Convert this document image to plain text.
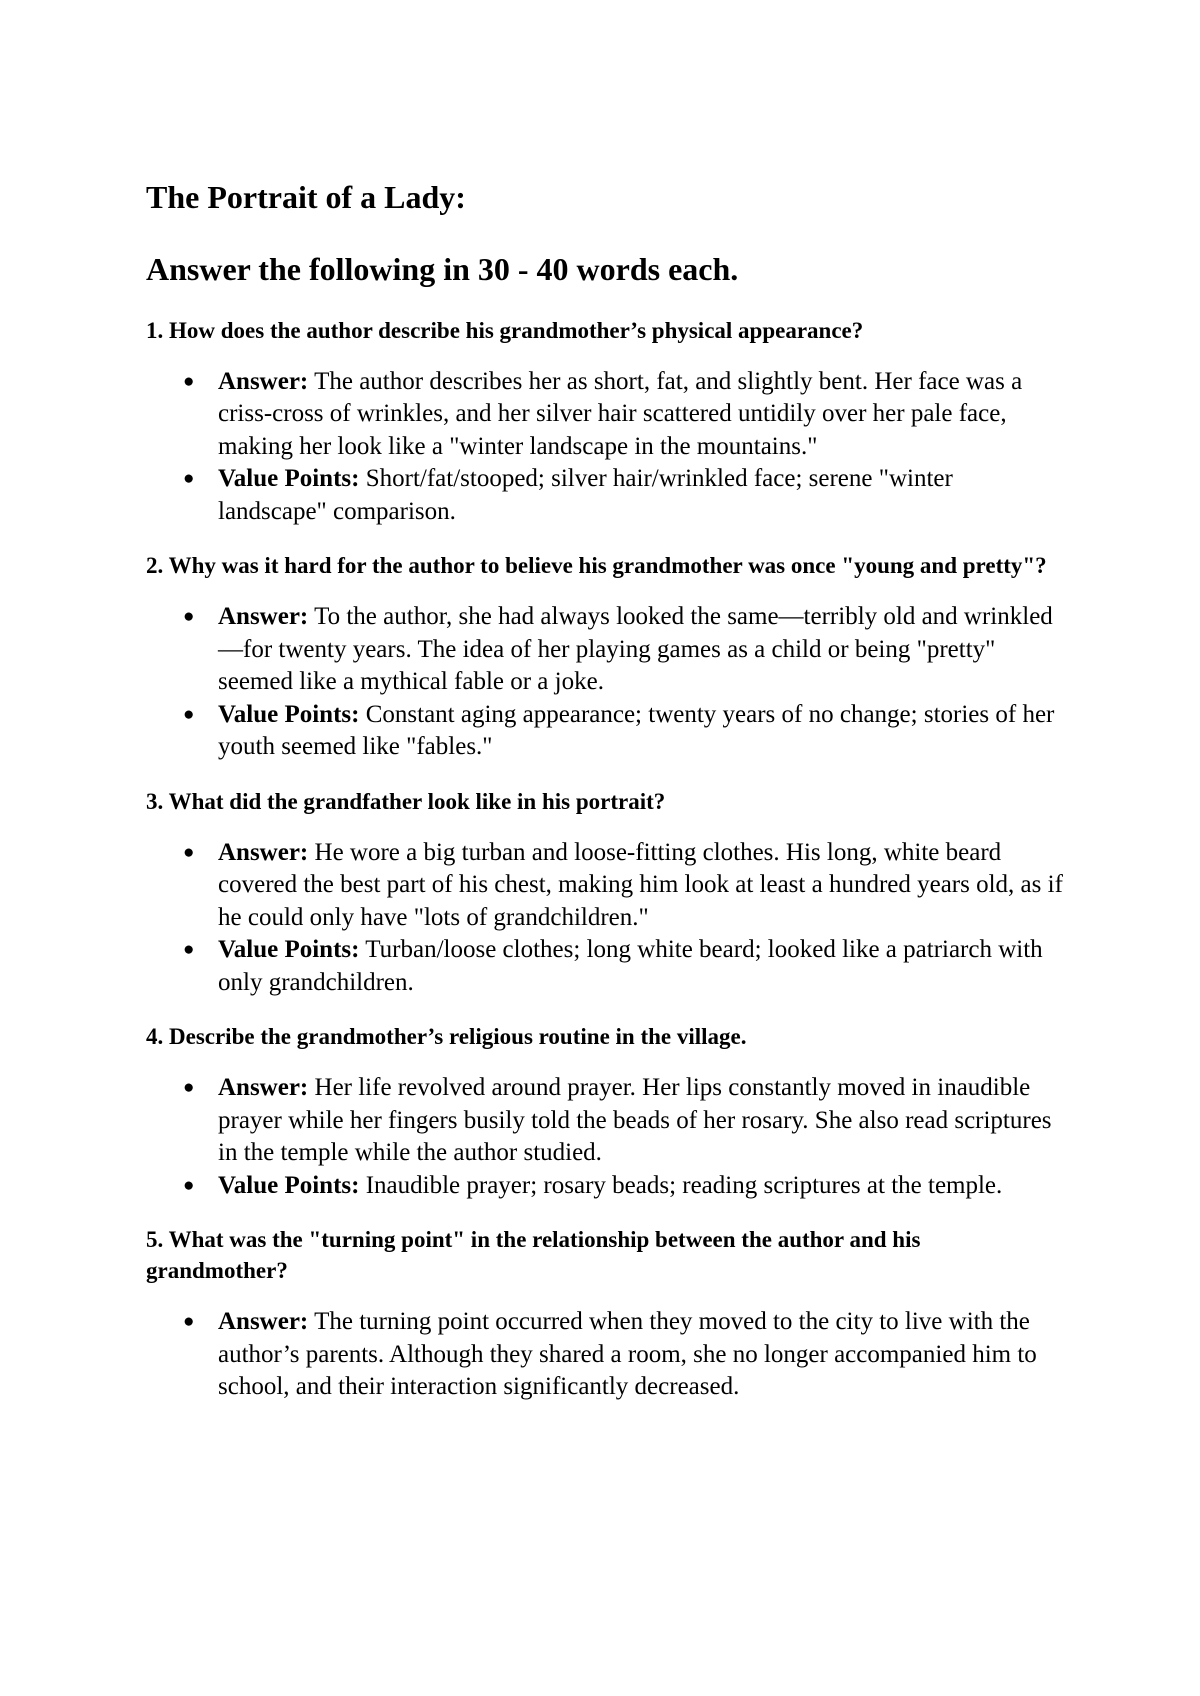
The Portrait of a Lady:
Answer the following in 30 - 40 words each.
1. How does the author describe his grandmother’s physical appearance?
● Answer: The author describes her as short, fat, and slightly bent. Her face was a criss-cross of wrinkles, and her silver hair scattered untidily over her pale face, making her look like a "winter landscape in the mountains."
● Value Points: Short/fat/stooped; silver hair/wrinkled face; serene "winter landscape" comparison.
2. Why was it hard for the author to believe his grandmother was once "young and pretty"?
● Answer: To the author, she had always looked the same—terribly old and wrinkled—for twenty years. The idea of her playing games as a child or being "pretty" seemed like a mythical fable or a joke.
● Value Points: Constant aging appearance; twenty years of no change; stories of her youth seemed like "fables."
3. What did the grandfather look like in his portrait?
● Answer: He wore a big turban and loose-fitting clothes. His long, white beard covered the best part of his chest, making him look at least a hundred years old, as if he could only have "lots of grandchildren."
● Value Points: Turban/loose clothes; long white beard; looked like a patriarch with only grandchildren.
4. Describe the grandmother’s religious routine in the village.
● Answer: Her life revolved around prayer. Her lips constantly moved in inaudible prayer while her fingers busily told the beads of her rosary. She also read scriptures in the temple while the author studied.
● Value Points: Inaudible prayer; rosary beads; reading scriptures at the temple.
5. What was the "turning point" in the relationship between the author and his grandmother?
● Answer: The turning point occurred when they moved to the city to live with the author’s parents. Although they shared a room, she no longer accompanied him to school, and their interaction significantly decreased.
